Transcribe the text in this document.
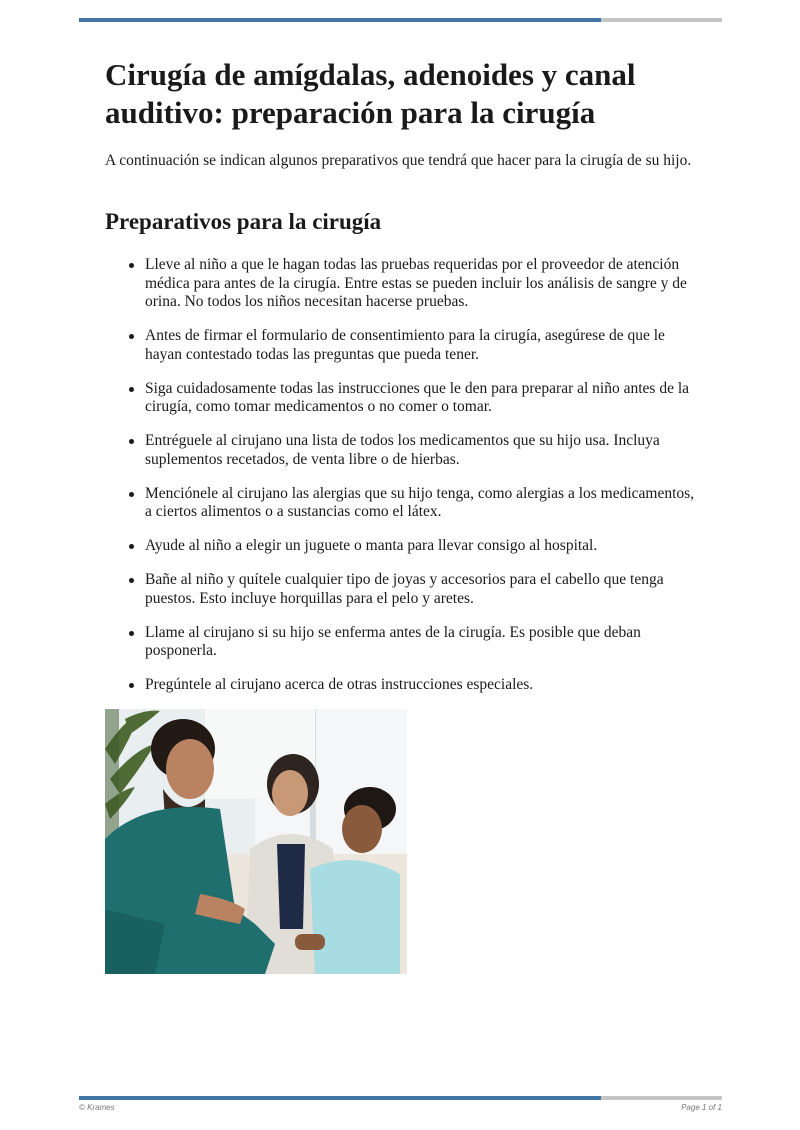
Cirugía de amígdalas, adenoides y canal auditivo: preparación para la cirugía

A continuación se indican algunos preparativos que tendrá que hacer para la cirugía de su hijo.

Preparativos para la cirugía
Lleve al niño a que le hagan todas las pruebas requeridas por el proveedor de atención médica para antes de la cirugía. Entre estas se pueden incluir los análisis de sangre y de orina. No todos los niños necesitan hacerse pruebas.
Antes de firmar el formulario de consentimiento para la cirugía, asegúrese de que le hayan contestado todas las preguntas que pueda tener.
Siga cuidadosamente todas las instrucciones que le den para preparar al niño antes de la cirugía, como tomar medicamentos o no comer o tomar.
Entréguele al cirujano una lista de todos los medicamentos que su hijo usa. Incluya suplementos recetados, de venta libre o de hierbas.
Menciónele al cirujano las alergias que su hijo tenga, como alergias a los medicamentos, a ciertos alimentos o a sustancias como el látex.
Ayude al niño a elegir un juguete o manta para llevar consigo al hospital.
Bañe al niño y quítele cualquier tipo de joyas y accesorios para el cabello que tenga puestos. Esto incluye horquillas para el pelo y aretes.
Llame al cirujano si su hijo se enferma antes de la cirugía. Es posible que deban posponerla.
Pregúntele al cirujano acerca de otras instrucciones especiales.
© Krames	Page 1 of 1
